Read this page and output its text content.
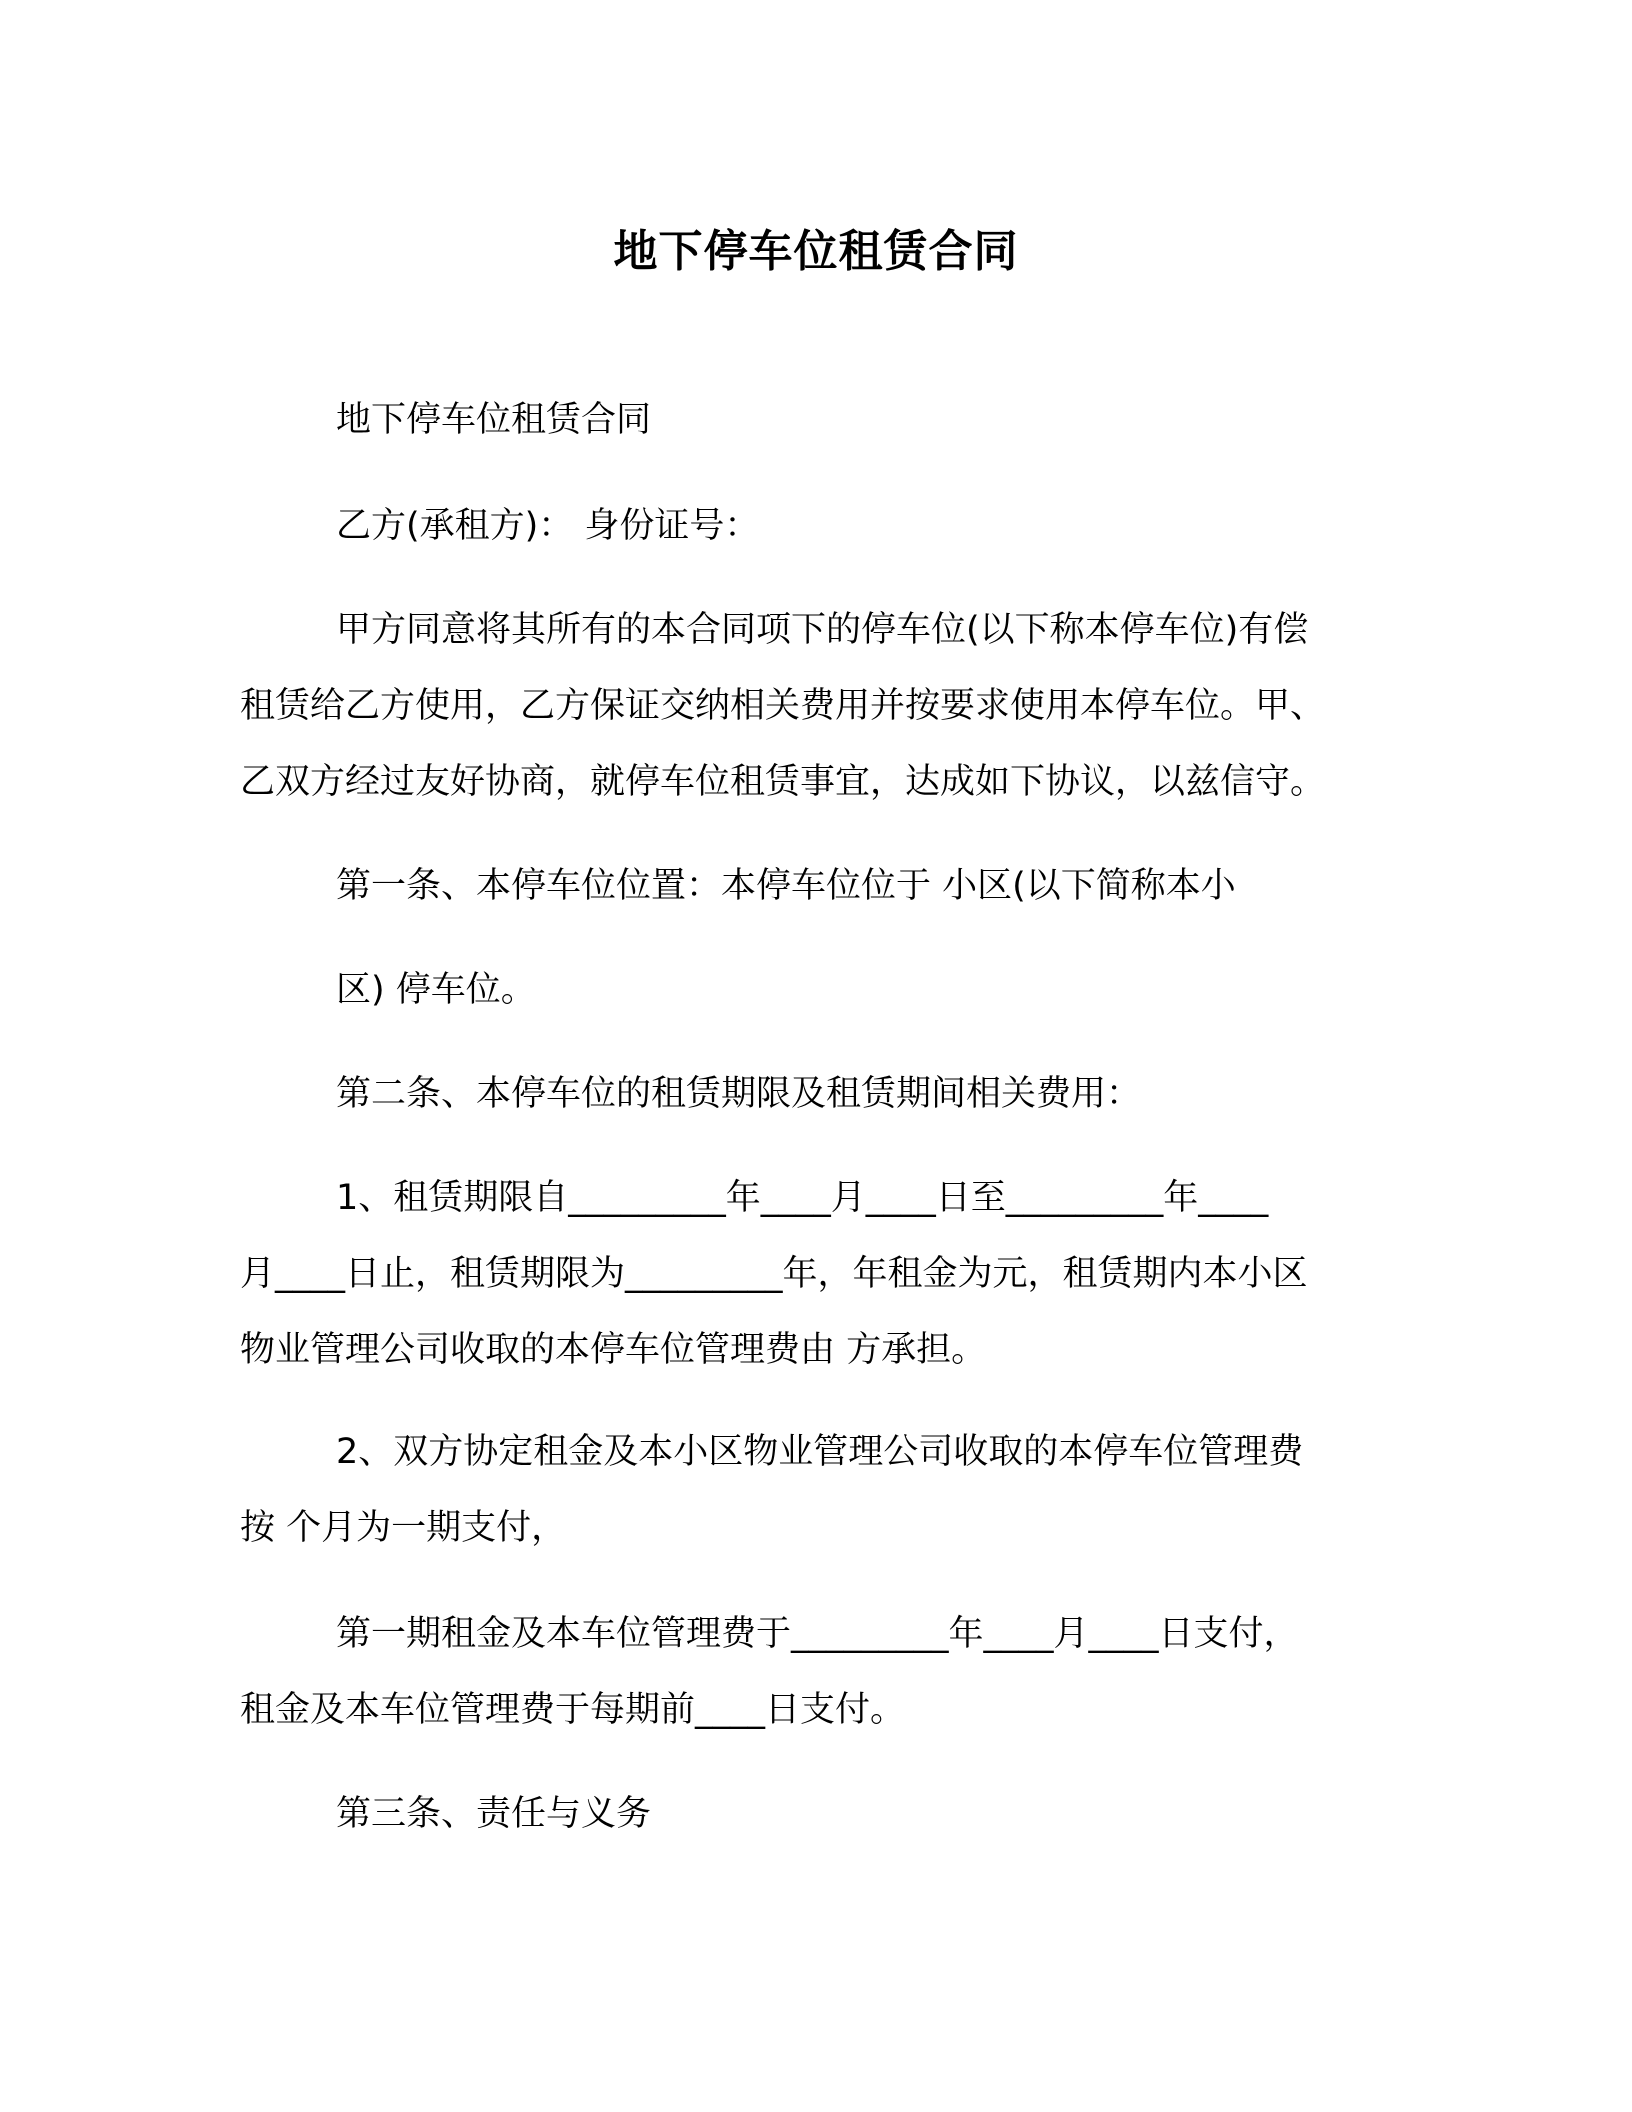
地下停车位租赁合同
地下停车位租赁合同
乙方(承租方)： 身份证号：
甲方同意将其所有的本合同项下的停车位(以下称本停车位)有偿
租赁给乙方使用，乙方保证交纳相关费用并按要求使用本停车位。甲、
乙双方经过友好协商，就停车位租赁事宜，达成如下协议，以兹信守。
第一条、本停车位位置：本停车位位于 小区(以下简称本小
区) 停车位。
第二条、本停车位的租赁期限及租赁期间相关费用：
1、租赁期限自_________年____月____日至_________年____
月____日止，租赁期限为_________年，年租金为元，租赁期内本小区
物业管理公司收取的本停车位管理费由 方承担。
2、双方协定租金及本小区物业管理公司收取的本停车位管理费
按 个月为一期支付，
第一期租金及本车位管理费于_________年____月____日支付，
租金及本车位管理费于每期前____日支付。
第三条、责任与义务
